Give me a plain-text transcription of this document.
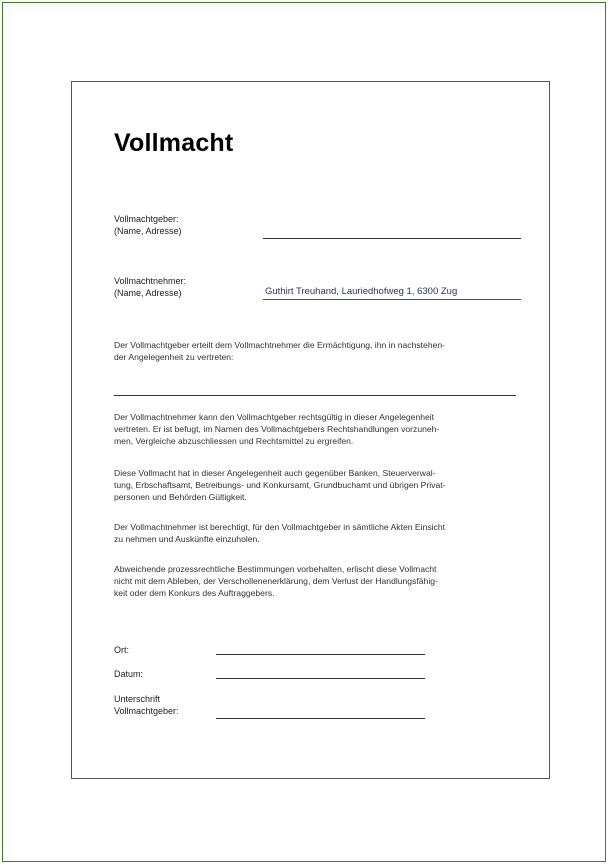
Vollmacht
Vollmachtgeber:
(Name, Adresse)
Vollmachtnehmer:
(Name, Adresse)	Guthirt Treuhand, Lauriedhofweg 1, 6300 Zug

Der Vollmachtgeber erteilt dem Vollmachtnehmer die Ermächtigung, ihn in nachstehen-
der Angelegenheit zu vertreten:

Der Vollmachtnehmer kann den Vollmachtgeber rechtsgültig in dieser Angelegenheit
vertreten. Er ist befugt, im Namen des Vollmachtgebers Rechtshandlungen vorzuneh-
men, Vergleiche abzuschliessen und Rechtsmittel zu ergreifen.

Diese Vollmacht hat in dieser Angelegenheit auch gegenüber Banken, Steuerverwal-
tung, Erbschaftsamt, Betreibungs- und Konkursamt, Grundbuchamt und übrigen Privat-
personen und Behörden Gültigkeit.

Der Vollmachtnehmer ist berechtigt, für den Vollmachtgeber in sämtliche Akten Einsicht
zu nehmen und Auskünfte einzuholen.

Abweichende prozessrechtliche Bestimmungen vorbehalten, erlischt diese Vollmacht
nicht mit dem Ableben, der Verschollenenerklärung, dem Verlust der Handlungsfähig-
keit oder dem Konkurs des Auftraggebers.

Ort:
Datum:
Unterschrift
Vollmachtgeber:
